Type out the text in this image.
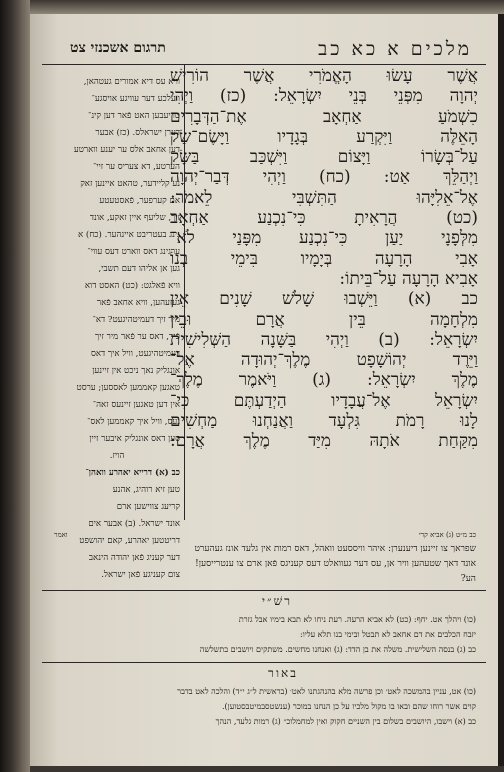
מלכים א כא כב
תרגום אשכנזי צט
אֲשֶׁר עָשׂוּ הָאֱמֹרִי אֲשֶׁר הוֹרִישׁ
יְהוָה מִפְּנֵי בְּנֵי יִשְׂרָאֵל: (כז) וַיְהִי
כִשְׁמֹעַ אַחְאָב אֶת־הַדְּבָרִים
הָאֵלֶּה וַיִּקְרַע בְּגָדָיו וַיָּשֶׂם־שַׂק
עַל־בְּשָׂרוֹ וַיָּצוֹם וַיִּשְׁכַּב בַּשָּׂק
וַיְהַלֵּךְ אַט: (כח) וַיְהִי דְּבַר־יְהוָה
אֶל־אֵלִיָּהוּ הַתִּשְׁבִּי לֵאמֹר:
(כט) הֲרָאִיתָ כִּי־נִכְנַע אַחְאָב
מִלְּפָנָי יַעַן כִּי־נִכְנַע מִפָּנַי לֹא־
אָבִי הָרָעָה בְּיָמָיו בִּימֵי בְנוֹ
אָבִיא הָרָעָה עַל־בֵּיתוֹ:
כב (א) וַיֵּשְׁבוּ שָׁלֹשׁ שָׁנִים אֵין
מִלְחָמָה בֵּין אֲרָם וּבֵין
יִשְׂרָאֵל: (ב) וַיְהִי בַּשָּׁנָה הַשְּׁלִישִׁית
וַיֵּרֶד יְהוֹשָׁפָט מֶלֶךְ־יְהוּדָה אֶל־
מֶלֶךְ יִשְׂרָאֵל: (ג) וַיֹּאמֶר מֶלֶךְ־
יִשְׂרָאֵל אֶל־עֲבָדָיו הַיְדַעְתֶּם כִּי־
לָנוּ רָמֹת גִּלְעָד וַאֲנַחְנוּ מַחְשִׁים
מִקַּחַת אֹתָהּ מִיַּד מֶלֶךְ אֲרָם:
וויא עס דיא אמורים געטהאן,
וועלכע דער עוויגע אויסגע־
טריעבען האט פֿאר דען קינ־
דערן ישראלס. (כז) אבער
דען אחאב אלס ער יענע ווארטע
הערטע, דא צעריס ער זיי־
נע קליידער, טהאט איינען זאק
אם קערפער, פֿאסטעטע
זיך, שליעף איין זאקע, אונד
גינג בעטריבט איינהער. (כח) א
ערגינג דאס ווארט דעס עווי־
גען אן אליהו דעם תשבי,
וויא פֿאלגט: (כט) האסט דוא
געזעהען, וויא אחאב פֿאר
מיר זיך דעמיטהיגעט? דא־
פֿיר, דאס ער פֿאר מיר זיך
דעמיטהיגעט, וויל איך דאס
אונגליק נאך ניכט אין זיינען
טאגען קאממען לאססען; ערסט
אין דען טאגען זיינעס זאה־
נעס, וויל איך קאממען לאס־
סען דאס אונגליק איבער זיין
הויז.
כב (א) דרייא יאהרע וואהן־
טען זיא רוהיג, אהנע
קריעג צווישען ארם
אונד ישראל. (ב) אבער אים
דריטטען יאהרע, קאם יהושפט
דער קעניג פֿאן יהודה הינאב
צום קעניגע פֿאן ישראל.
כב מ״ט (ג) אביא קרי
ואמר
שפראך צו זיינען דיענערן: איהר וויססעט וואהל, דאס רמות אין גלעד אונז געהערט
אונד דאך שטעהען וויר אן, עס דער געוואלט דעס קעניגס פֿאן ארם צו ענטרייסען!
הע?
רשׁ״י
(כו) ויהלך אט. יחף: (כט) לא אביא הרעה. רעת ניחו לא תבא בימיו אבל גזרת
יזבח הכלבים את דם אחאב לא תבטל ובימי בנו תלא עליו:
כב (ג) בנסה השלישית. משלה את בן הדד: (ג) ואנחנו מחשים. משתקים ויושבים בתשלשה
באור
(כו) אט, עניין בהמשכה לאט׳ וכן פרשה מלא בהנהגתנו לאט׳ (בראשית ל״ג י״ד) והלכה לאט בדבר
קוים אשר רוחו שהם ובאו בו מקול מלכיו על כן הנחנו במוכר (ענשטסבמיטבסטוען).
כב (א) וישבו, היושבים בשלום בין השניים חקוק ואין למחמלוכ״ (ג) רמות גלעד, הנהך
